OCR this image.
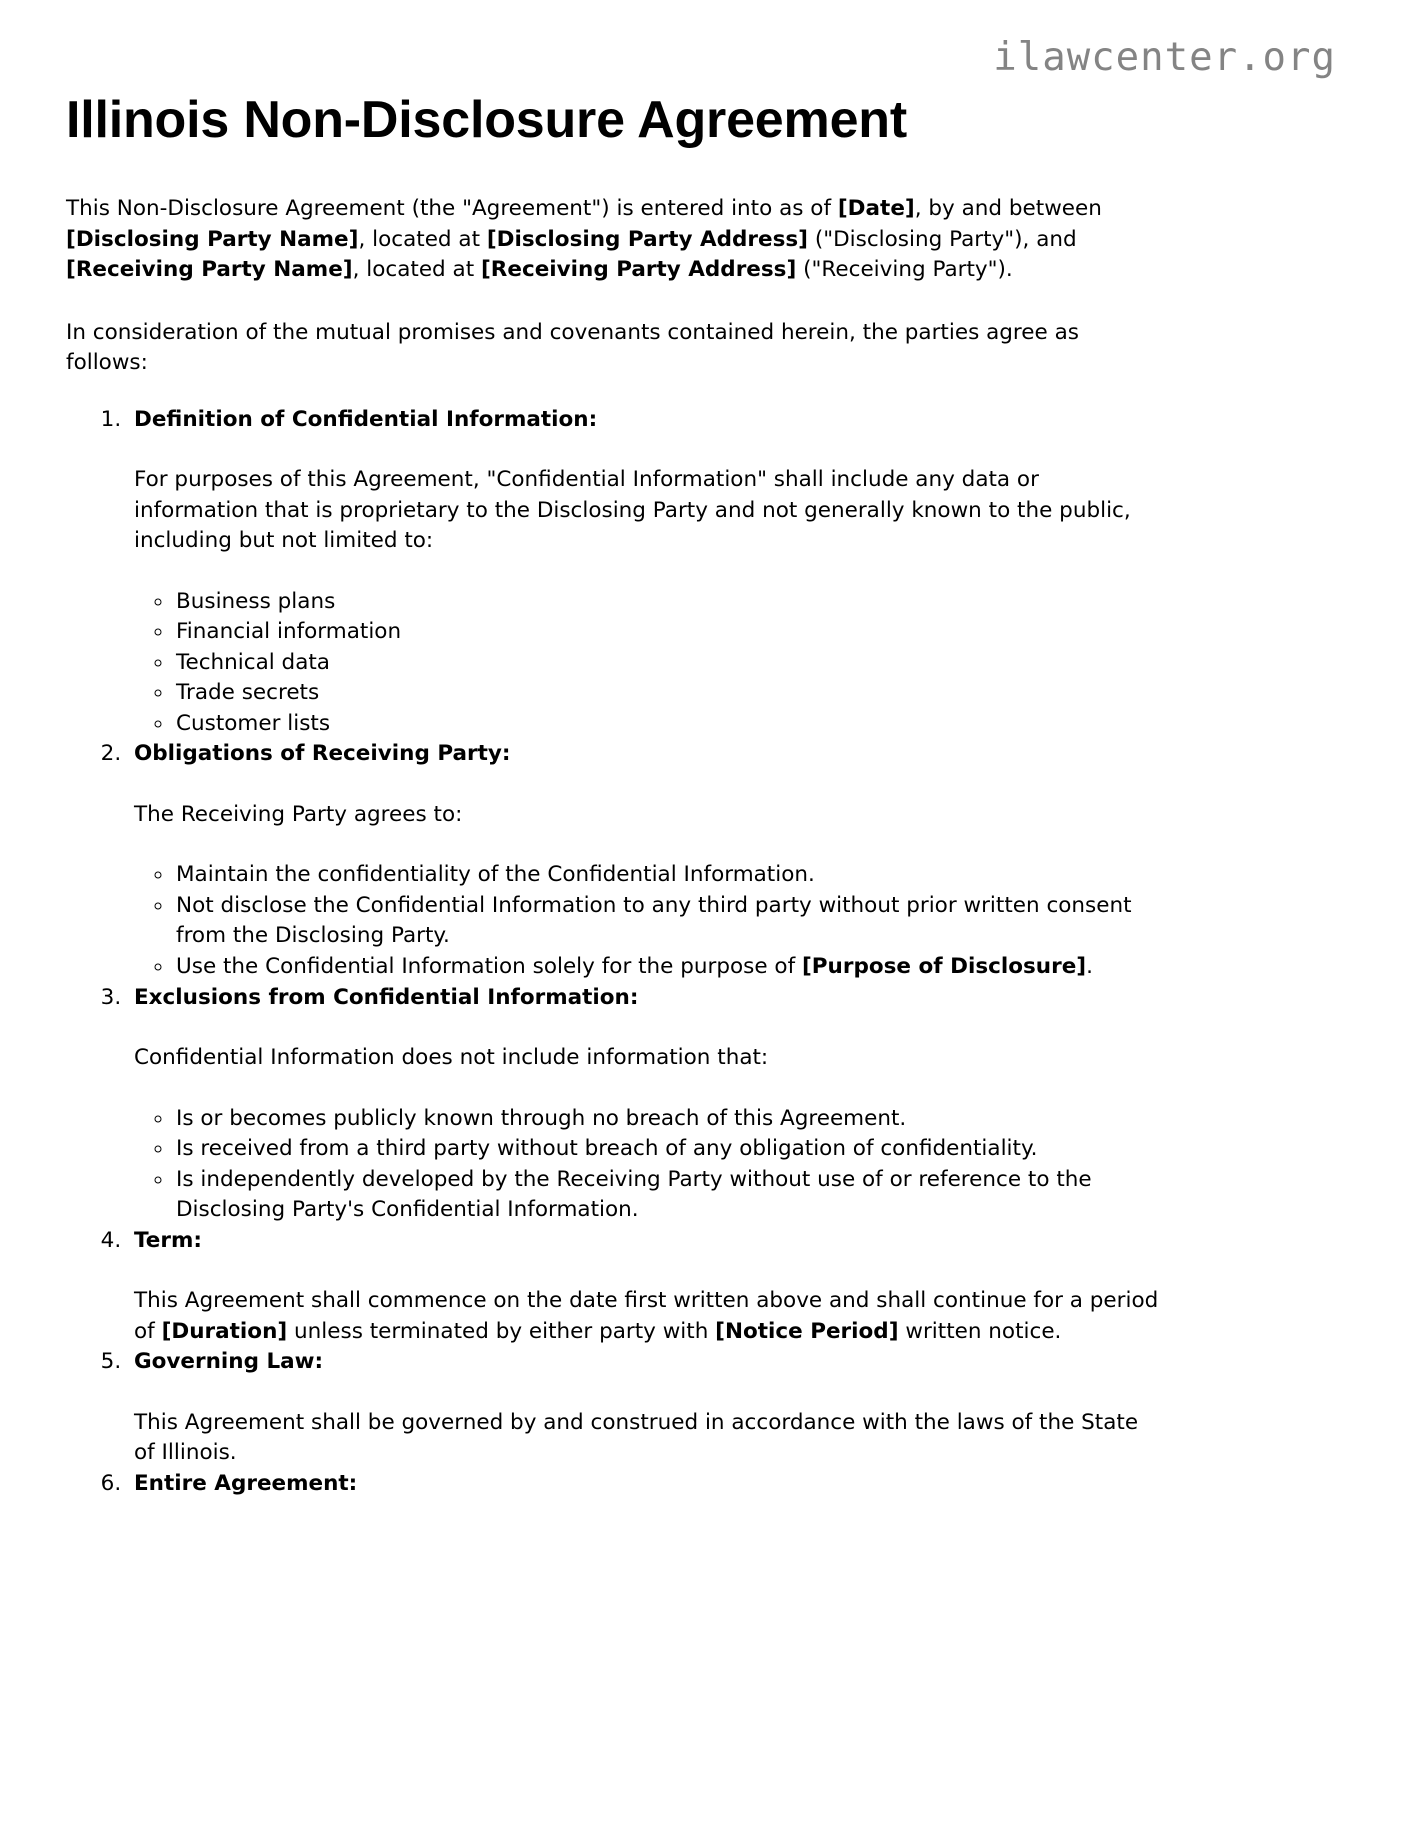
ilawcenter.org
Illinois Non-Disclosure Agreement

This Non-Disclosure Agreement (the "Agreement") is entered into as of [Date], by and between [Disclosing Party Name], located at [Disclosing Party Address] ("Disclosing Party"), and [Receiving Party Name], located at [Receiving Party Address] ("Receiving Party").

In consideration of the mutual promises and covenants contained herein, the parties agree as follows:

1. Definition of Confidential Information:

For purposes of this Agreement, "Confidential Information" shall include any data or information that is proprietary to the Disclosing Party and not generally known to the public, including but not limited to:

◦ Business plans
◦ Financial information
◦ Technical data
◦ Trade secrets
◦ Customer lists
2. Obligations of Receiving Party:

The Receiving Party agrees to:

◦ Maintain the confidentiality of the Confidential Information.
◦ Not disclose the Confidential Information to any third party without prior written consent from the Disclosing Party.
◦ Use the Confidential Information solely for the purpose of [Purpose of Disclosure].
3. Exclusions from Confidential Information:

Confidential Information does not include information that:

◦ Is or becomes publicly known through no breach of this Agreement.
◦ Is received from a third party without breach of any obligation of confidentiality.
◦ Is independently developed by the Receiving Party without use of or reference to the Disclosing Party's Confidential Information.
4. Term:

This Agreement shall commence on the date first written above and shall continue for a period of [Duration] unless terminated by either party with [Notice Period] written notice.

5. Governing Law:

This Agreement shall be governed by and construed in accordance with the laws of the State of Illinois.

6. Entire Agreement:
